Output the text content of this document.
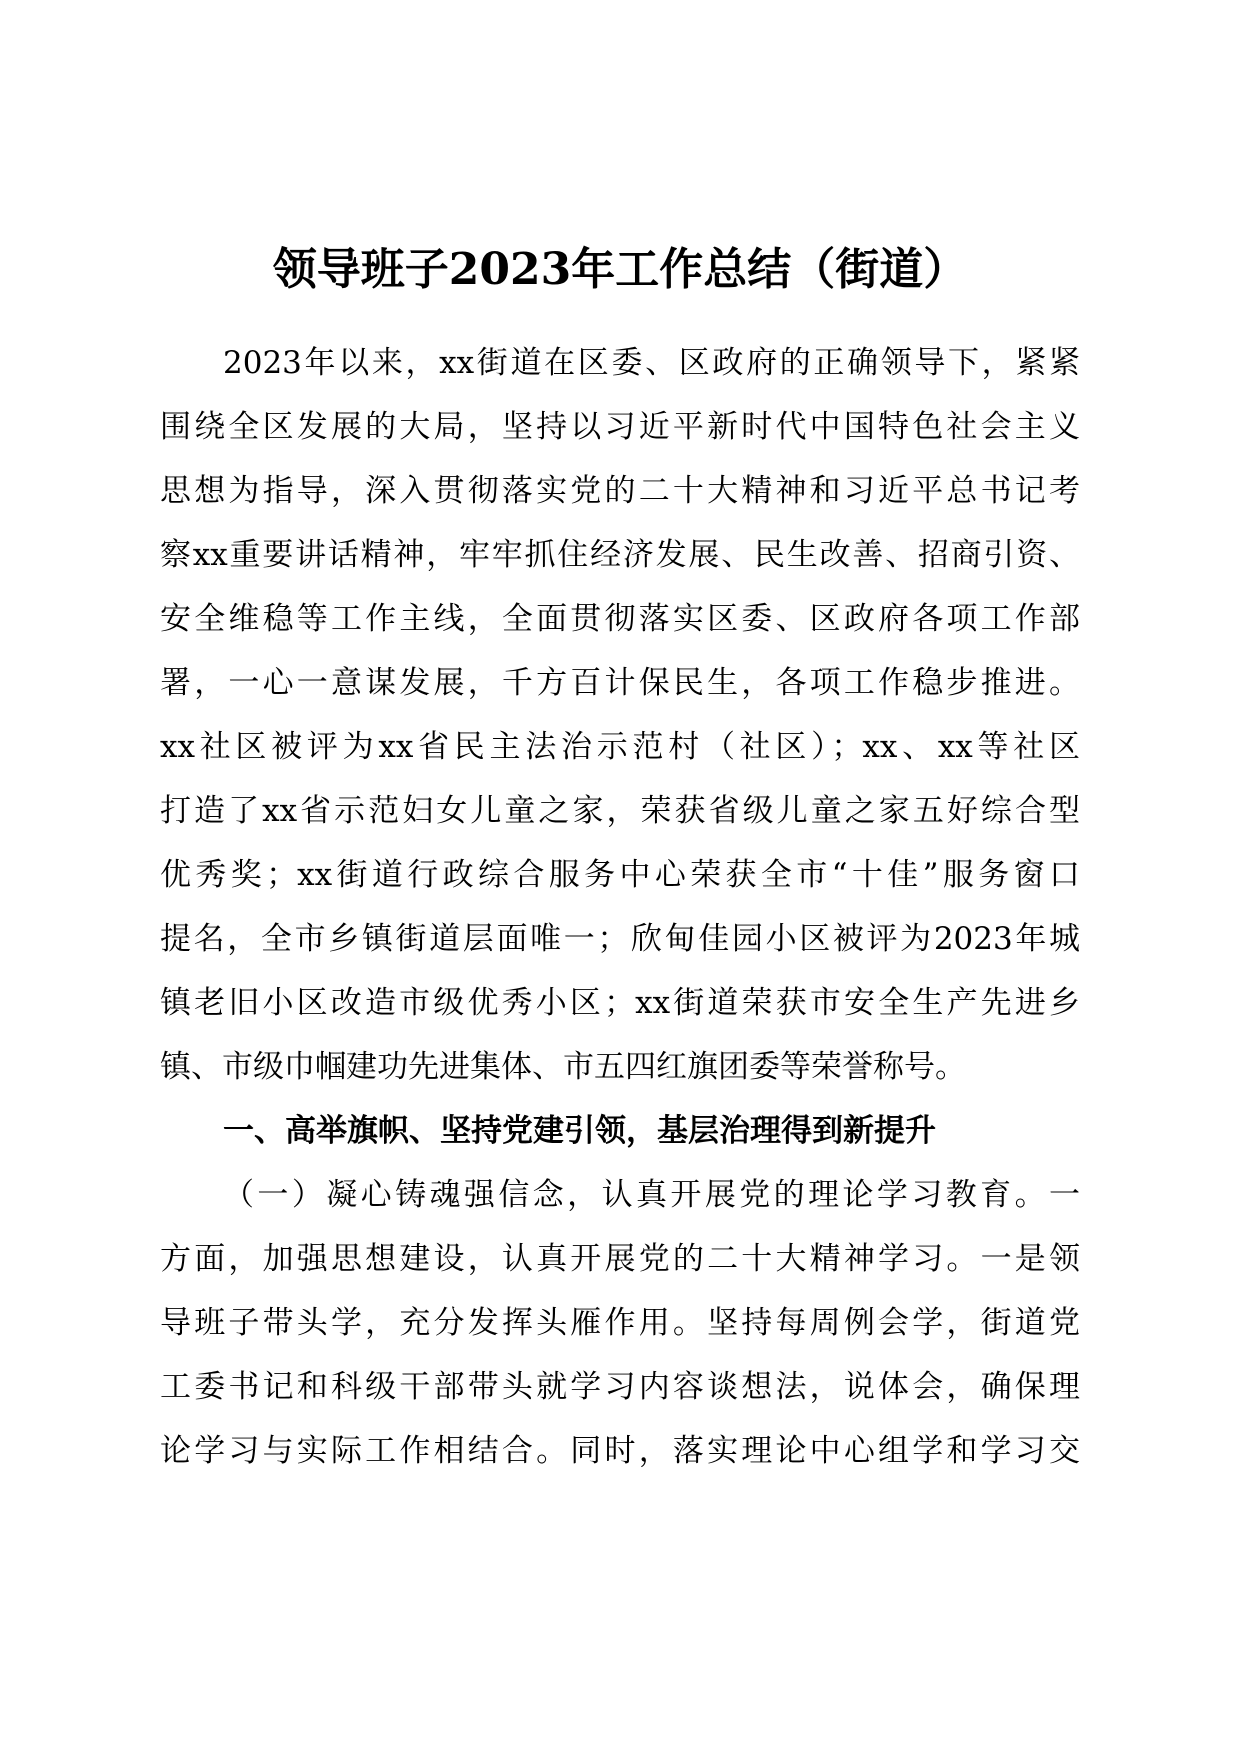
领导班子2023年工作总结（街道）
2023年以来，xx街道在区委、区政府的正确领导下，紧紧
围绕全区发展的大局，坚持以习近平新时代中国特色社会主义
思想为指导，深入贯彻落实党的二十大精神和习近平总书记考
察xx重要讲话精神，牢牢抓住经济发展、民生改善、招商引资、
安全维稳等工作主线，全面贯彻落实区委、区政府各项工作部
署，一心一意谋发展，千方百计保民生，各项工作稳步推进。
xx社区被评为xx省民主法治示范村（社区）；xx、xx等社区
打造了xx省示范妇女儿童之家，荣获省级儿童之家五好综合型
优秀奖；xx街道行政综合服务中心荣获全市“十佳”服务窗口
提名，全市乡镇街道层面唯一；欣甸佳园小区被评为2023年城
镇老旧小区改造市级优秀小区；xx街道荣获市安全生产先进乡
镇、市级巾帼建功先进集体、市五四红旗团委等荣誉称号。
一、高举旗帜、坚持党建引领，基层治理得到新提升
（一）凝心铸魂强信念，认真开展党的理论学习教育。一
方面，加强思想建设，认真开展党的二十大精神学习。一是领
导班子带头学，充分发挥头雁作用。坚持每周例会学，街道党
工委书记和科级干部带头就学习内容谈想法，说体会，确保理
论学习与实际工作相结合。同时，落实理论中心组学和学习交
